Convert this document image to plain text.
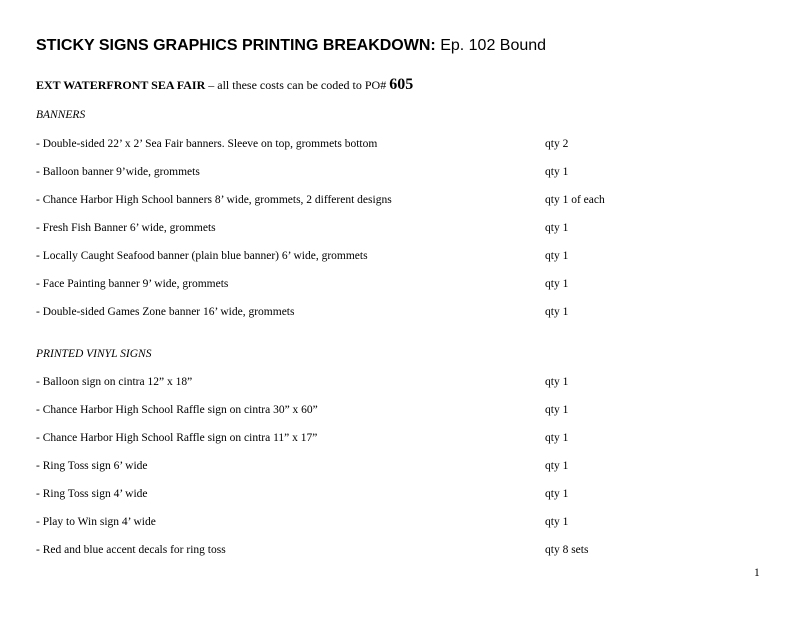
STICKY SIGNS GRAPHICS PRINTING BREAKDOWN: Ep. 102 Bound
EXT WATERFRONT SEA FAIR – all these costs can be coded to PO# 605
BANNERS
- Double-sided 22’ x 2’ Sea Fair banners. Sleeve on top, grommets bottom	qty 2
- Balloon banner 9’wide, grommets	qty 1
- Chance Harbor High School banners 8’ wide, grommets, 2 different designs	qty 1 of each
- Fresh Fish Banner 6’ wide, grommets	qty 1
- Locally Caught Seafood banner (plain blue banner) 6’ wide, grommets	qty 1
- Face Painting banner 9’ wide, grommets	qty 1
- Double-sided Games Zone banner 16’ wide, grommets	qty 1
PRINTED VINYL SIGNS
- Balloon sign on cintra 12” x 18”	qty 1
- Chance Harbor High School Raffle sign on cintra 30” x 60”	qty 1
- Chance Harbor High School Raffle sign on cintra 11” x 17”	qty 1
- Ring Toss sign 6’ wide	qty 1
- Ring Toss sign 4’ wide	qty 1
- Play to Win sign 4’ wide	qty 1
- Red and blue accent decals for ring toss	qty 8 sets
1
